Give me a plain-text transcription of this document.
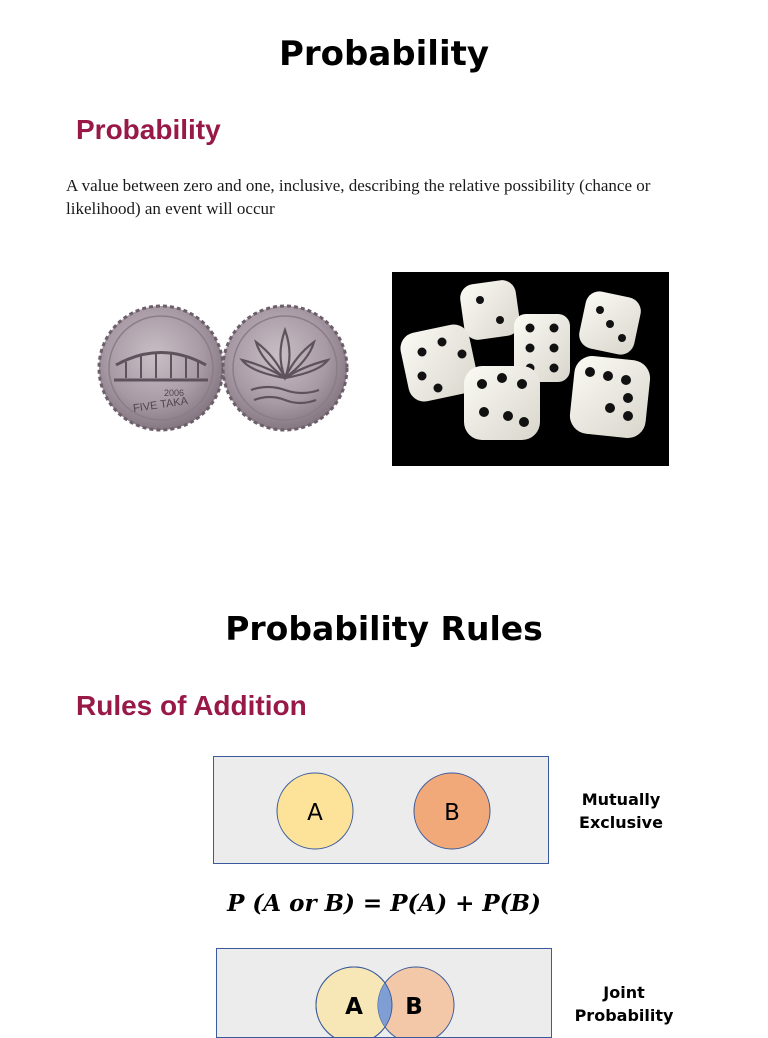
Probability
Probability
A value between zero and one, inclusive, describing the relative possibility (chance or likelihood) an event will occur
FIVE TAKA
2006
Probability Rules
Rules of Addition
A	B
Mutually
Exclusive
P (A or B) = P(A) + P(B)
A B
Joint
Probability
